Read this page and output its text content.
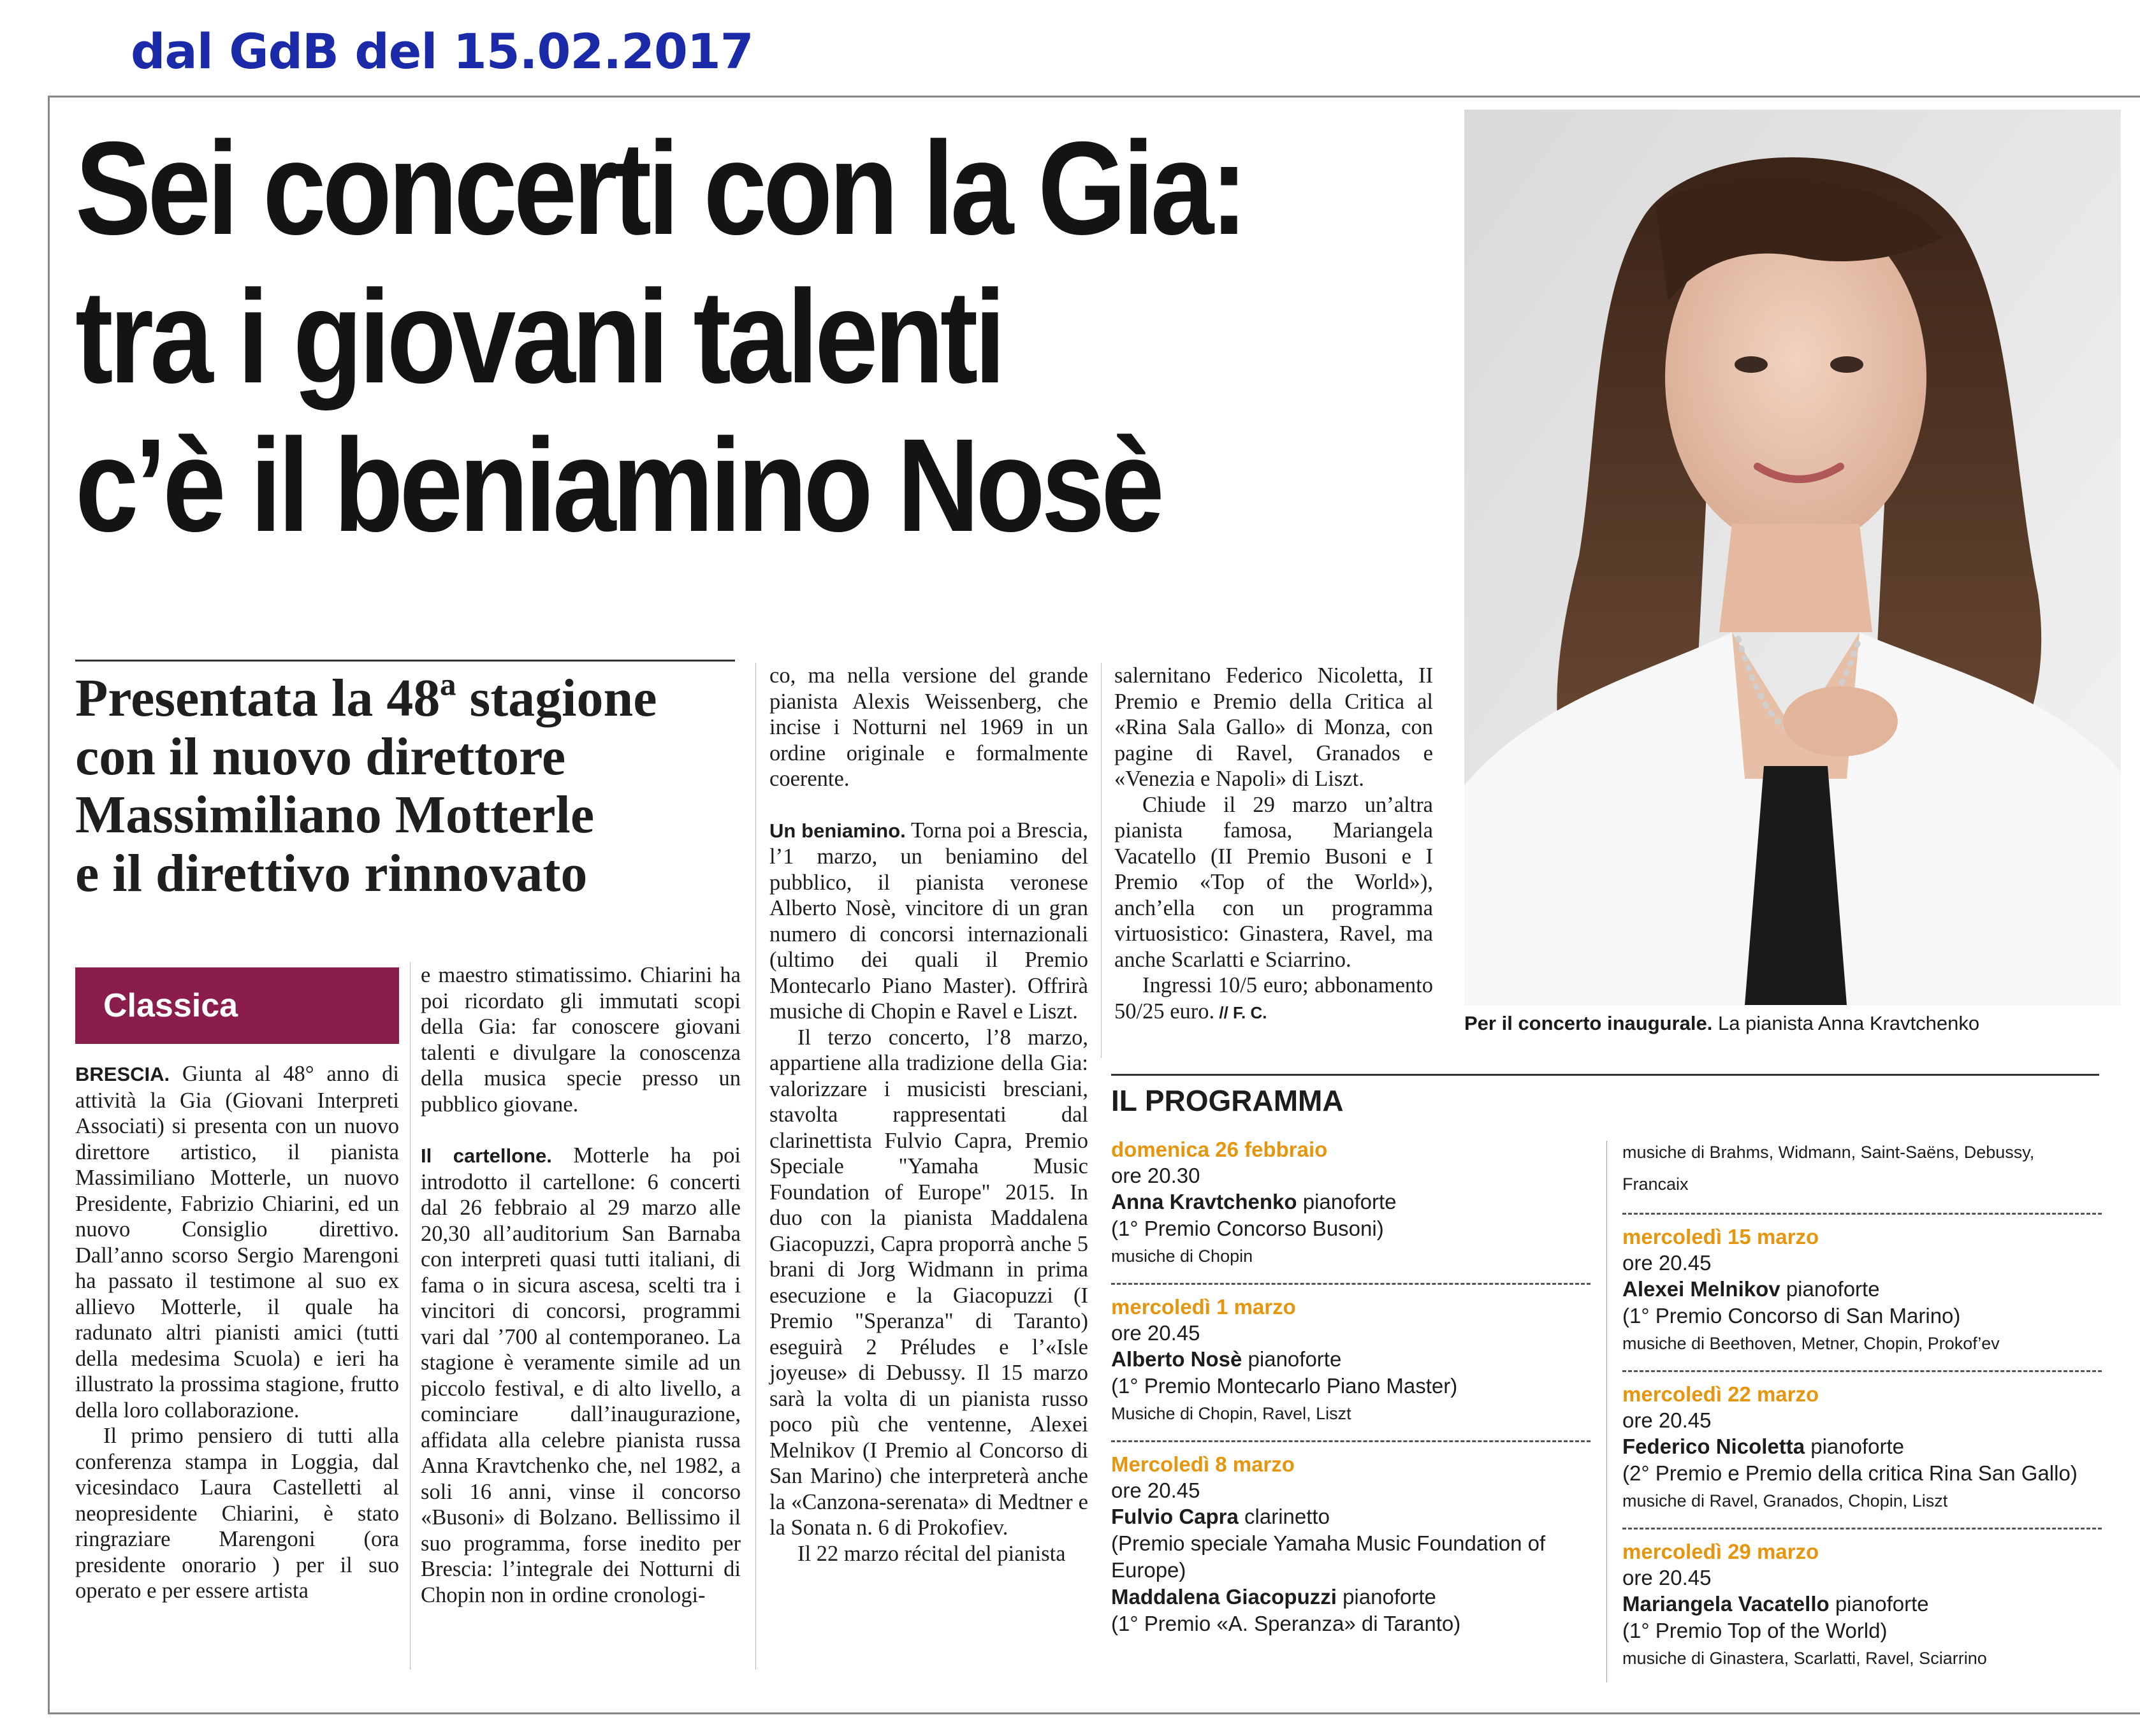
dal GdB del 15.02.2017
Sei concerti con la Gia:
tra i giovani talenti
c’è il beniamino Nosè
Per il concerto inaugurale. La pianista Anna Kravtchenko
Presentata la 48ª stagione
con il nuovo direttore
Massimiliano Motterle
e il direttivo rinnovato
Classica

BRESCIA. Giunta al 48° anno di attività la Gia (Giovani Interpreti Associati) si presenta con un nuovo direttore artistico, il pianista Massimiliano Motterle, un nuovo Presidente, Fabrizio Chiarini, ed un nuovo Consiglio direttivo. Dall’anno scorso Sergio Marengoni ha passato il testimone al suo ex allievo Motterle, il quale ha radunato altri pianisti amici (tutti della medesima Scuola) e ieri ha illustrato la prossima stagione, frutto della loro collaborazione.

Il primo pensiero di tutti alla conferenza stampa in Loggia, dal vicesindaco Laura Castelletti al neopresidente Chiarini, è stato ringraziare Marengoni (ora presidente onorario ) per il suo operato e per essere artista

e maestro stimatissimo. Chiarini ha poi ricordato gli immutati scopi della Gia: far conoscere giovani talenti e divulgare la conoscenza della musica specie presso un pubblico giovane.

Il cartellone. Motterle ha poi introdotto il cartellone: 6 concerti dal 26 febbraio al 29 marzo alle 20,30 all’auditorium San Barnaba con interpreti quasi tutti italiani, di fama o in sicura ascesa, scelti tra i vincitori di concorsi, programmi vari dal ’700 al contemporaneo. La stagione è veramente simile ad un piccolo festival, e di alto livello, a cominciare dall’inaugurazione, affidata alla celebre pianista russa Anna Kravtchenko che, nel 1982, a soli 16 anni, vinse il concorso «Busoni» di Bolzano. Bellissimo il suo programma, forse inedito per Brescia: l’integrale dei Notturni di Chopin non in ordine cronologi-

co, ma nella versione del grande pianista Alexis Weissenberg, che incise i Notturni nel 1969 in un ordine originale e formalmente coerente.

Un beniamino. Torna poi a Brescia, l’1 marzo, un beniamino del pubblico, il pianista veronese Alberto Nosè, vincitore di un gran numero di concorsi internazionali (ultimo dei quali il Premio Montecarlo Piano Master). Offrirà musiche di Chopin e Ravel e Liszt.

Il terzo concerto, l’8 marzo, appartiene alla tradizione della Gia: valorizzare i musicisti bresciani, stavolta rappresentati dal clarinettista Fulvio Capra, Premio Speciale "Yamaha Music Foundation of Europe" 2015. In duo con la pianista Maddalena Giacopuzzi, Capra proporrà anche 5 brani di Jorg Widmann in prima esecuzione e la Giacopuzzi (I Premio "Speranza" di Taranto) eseguirà 2 Préludes e l’«Isle joyeuse» di Debussy. Il 15 marzo sarà la volta di un pianista russo poco più che ventenne, Alexei Melnikov (I Premio al Concorso di San Marino) che interpreterà anche la «Canzona-serenata» di Medtner e la Sonata n. 6 di Prokofiev.

Il 22 marzo récital del pianista

salernitano Federico Nicoletta, II Premio e Premio della Critica al «Rina Sala Gallo» di Monza, con pagine di Ravel, Granados e «Venezia e Napoli» di Liszt.

Chiude il 29 marzo un’altra pianista famosa, Mariangela Vacatello (II Premio Busoni e I Premio «Top of the World»), anch’ella con un programma virtuosistico: Ginastera, Ravel, ma anche Scarlatti e Sciarrino.

Ingressi 10/5 euro; abbonamento 50/25 euro. // F. C.

IL PROGRAMMA
domenica 26 febbraio
ore 20.30
Anna Kravtchenko pianoforte
(1° Premio Concorso Busoni)
musiche di Chopin
mercoledì 1 marzo
ore 20.45
Alberto Nosè pianoforte
(1° Premio Montecarlo Piano Master)
Musiche di Chopin, Ravel, Liszt
Mercoledì 8 marzo
ore 20.45
Fulvio Capra clarinetto
(Premio speciale Yamaha Music Foundation of Europe)
Maddalena Giacopuzzi pianoforte
(1° Premio «A. Speranza» di Taranto)
musiche di Brahms, Widmann, Saint-Saëns, Debussy, Francaix
mercoledì 15 marzo
ore 20.45
Alexei Melnikov pianoforte
(1° Premio Concorso di San Marino)
musiche di Beethoven, Metner, Chopin, Prokof’ev
mercoledì 22 marzo
ore 20.45
Federico Nicoletta pianoforte
(2° Premio e Premio della critica Rina San Gallo)
musiche di Ravel, Granados, Chopin, Liszt
mercoledì 29 marzo
ore 20.45
Mariangela Vacatello pianoforte
(1° Premio Top of the World)
musiche di Ginastera, Scarlatti, Ravel, Sciarrino
